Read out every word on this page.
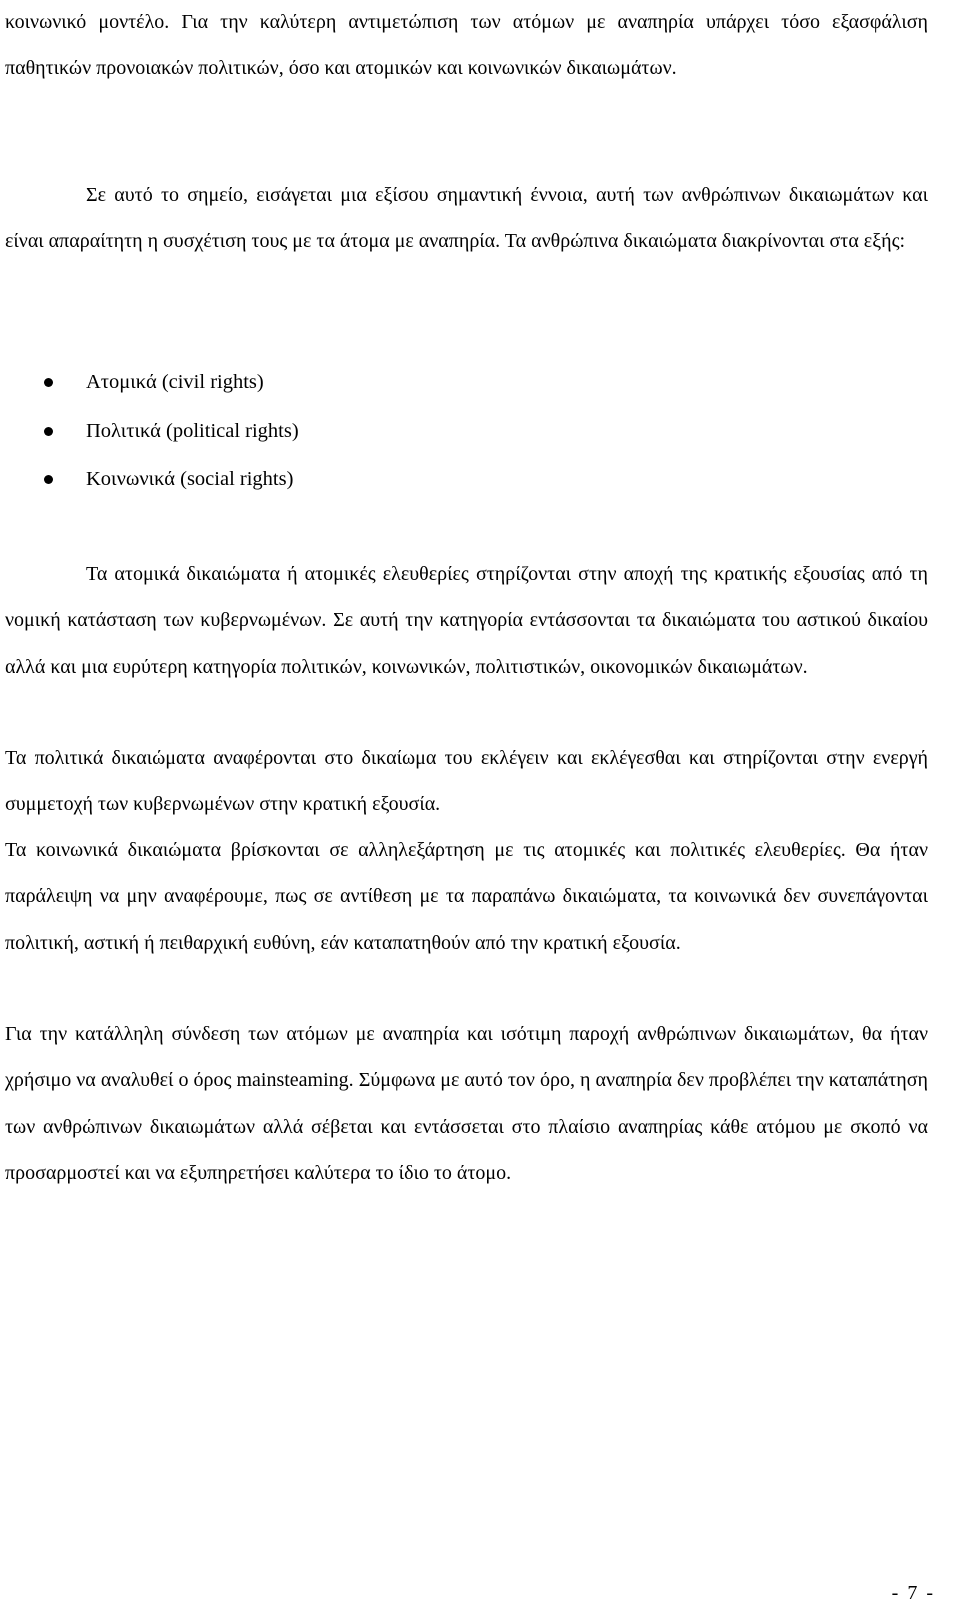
κοινωνικό μοντέλο. Για την καλύτερη αντιμετώπιση των ατόμων με αναπηρία υπάρχει τόσο εξασφάλιση παθητικών προνοιακών πολιτικών, όσο και ατομικών και κοινωνικών δικαιωμάτων.

Σε αυτό το σημείο, εισάγεται μια εξίσου σημαντική έννοια, αυτή των ανθρώπινων δικαιωμάτων και είναι απαραίτητη η συσχέτιση τους με τα άτομα με αναπηρία. Τα ανθρώπινα δικαιώματα διακρίνονται στα εξής:

Ατομικά (civil rights)
Πολιτικά (political rights)
Κοινωνικά (social rights)

Τα ατομικά δικαιώματα ή ατομικές ελευθερίες στηρίζονται στην αποχή της κρατικής εξουσίας από τη νομική κατάσταση των κυβερνωμένων. Σε αυτή την κατηγορία εντάσσονται τα δικαιώματα του αστικού δικαίου αλλά και μια ευρύτερη κατηγορία πολιτικών, κοινωνικών, πολιτιστικών, οικονομικών δικαιωμάτων.

Τα πολιτικά δικαιώματα αναφέρονται στο δικαίωμα του εκλέγειν και εκλέγεσθαι και στηρίζονται στην ενεργή συμμετοχή των κυβερνωμένων στην κρατική εξουσία.

Τα κοινωνικά δικαιώματα βρίσκονται σε αλληλεξάρτηση με τις ατομικές και πολιτικές ελευθερίες. Θα ήταν παράλειψη να μην αναφέρουμε, πως σε αντίθεση με τα παραπάνω δικαιώματα, τα κοινωνικά δεν συνεπάγονται πολιτική, αστική ή πειθαρχική ευθύνη, εάν καταπατηθούν από την κρατική εξουσία.

Για την κατάλληλη σύνδεση των ατόμων με αναπηρία και ισότιμη παροχή ανθρώπινων δικαιωμάτων, θα ήταν χρήσιμο να αναλυθεί ο όρος mainsteaming. Σύμφωνα με αυτό τον όρο, η αναπηρία δεν προβλέπει την καταπάτηση των ανθρώπινων δικαιωμάτων αλλά σέβεται και εντάσσεται στο πλαίσιο αναπηρίας κάθε ατόμου με σκοπό να προσαρμοστεί και να εξυπηρετήσει καλύτερα το ίδιο το άτομο.

- 7 -
